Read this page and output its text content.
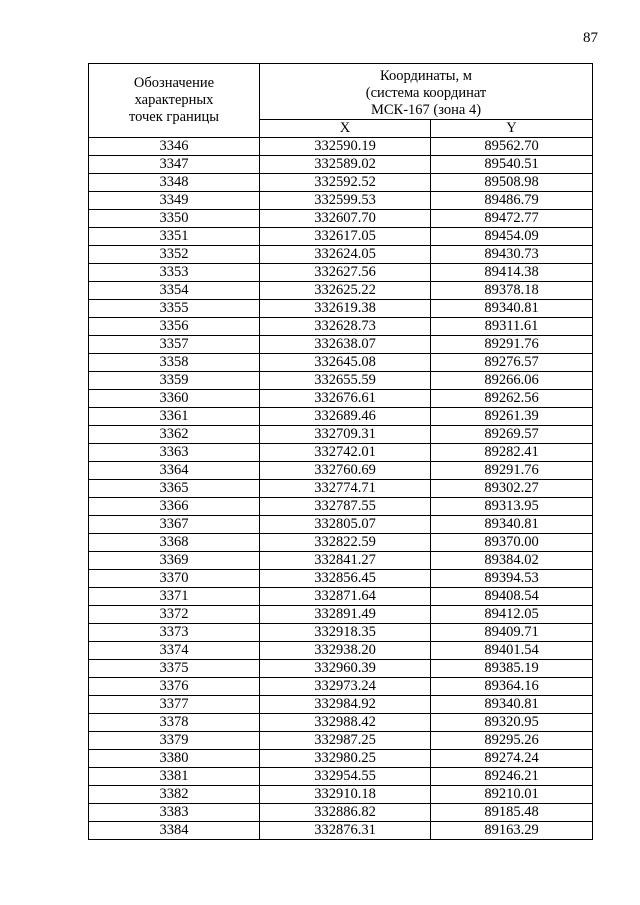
87
Обозначение
характерных
точек границы	Координаты, м
(система координат
МСК-167 (зона 4)	
	X	Y
3346	332590.19	89562.70
3347	332589.02	89540.51
3348	332592.52	89508.98
3349	332599.53	89486.79
3350	332607.70	89472.77
3351	332617.05	89454.09
3352	332624.05	89430.73
3353	332627.56	89414.38
3354	332625.22	89378.18
3355	332619.38	89340.81
3356	332628.73	89311.61
3357	332638.07	89291.76
3358	332645.08	89276.57
3359	332655.59	89266.06
3360	332676.61	89262.56
3361	332689.46	89261.39
3362	332709.31	89269.57
3363	332742.01	89282.41
3364	332760.69	89291.76
3365	332774.71	89302.27
3366	332787.55	89313.95
3367	332805.07	89340.81
3368	332822.59	89370.00
3369	332841.27	89384.02
3370	332856.45	89394.53
3371	332871.64	89408.54
3372	332891.49	89412.05
3373	332918.35	89409.71
3374	332938.20	89401.54
3375	332960.39	89385.19
3376	332973.24	89364.16
3377	332984.92	89340.81
3378	332988.42	89320.95
3379	332987.25	89295.26
3380	332980.25	89274.24
3381	332954.55	89246.21
3382	332910.18	89210.01
3383	332886.82	89185.48
3384	332876.31	89163.29
